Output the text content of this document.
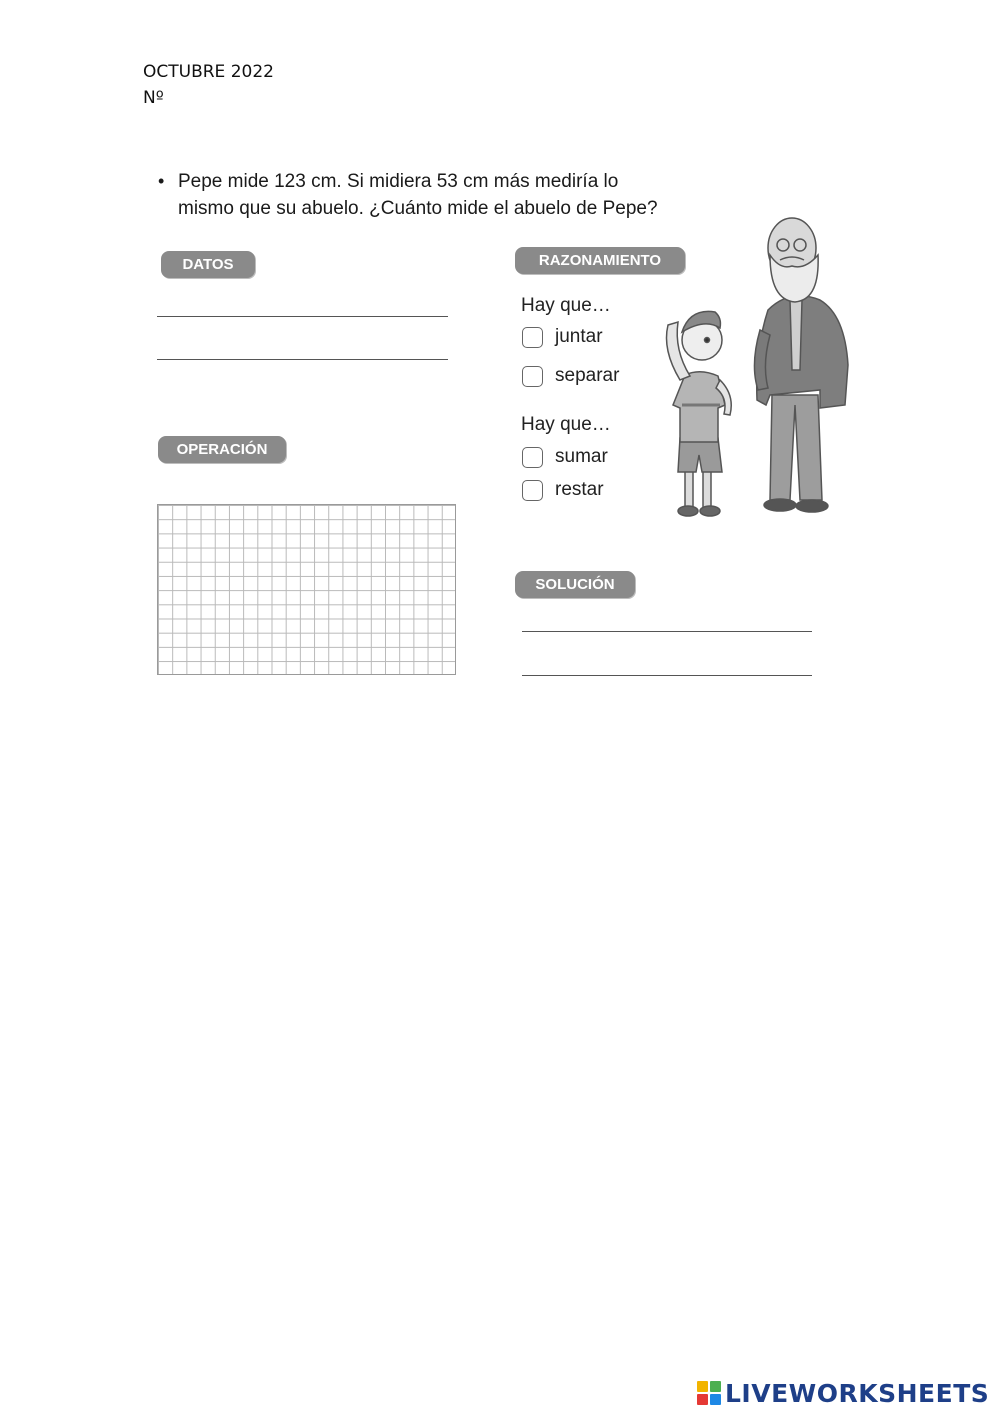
OCTUBRE 2022
Nº
• Pepe mide 123 cm. Si midiera 53 cm más mediría lo
mismo que su abuelo. ¿Cuánto mide el abuelo de Pepe?
DATOS
OPERACIÓN
RAZONAMIENTO
Hay que…
juntar
separar
Hay que…
sumar
restar
SOLUCIÓN
LIVEWORKSHEETS
